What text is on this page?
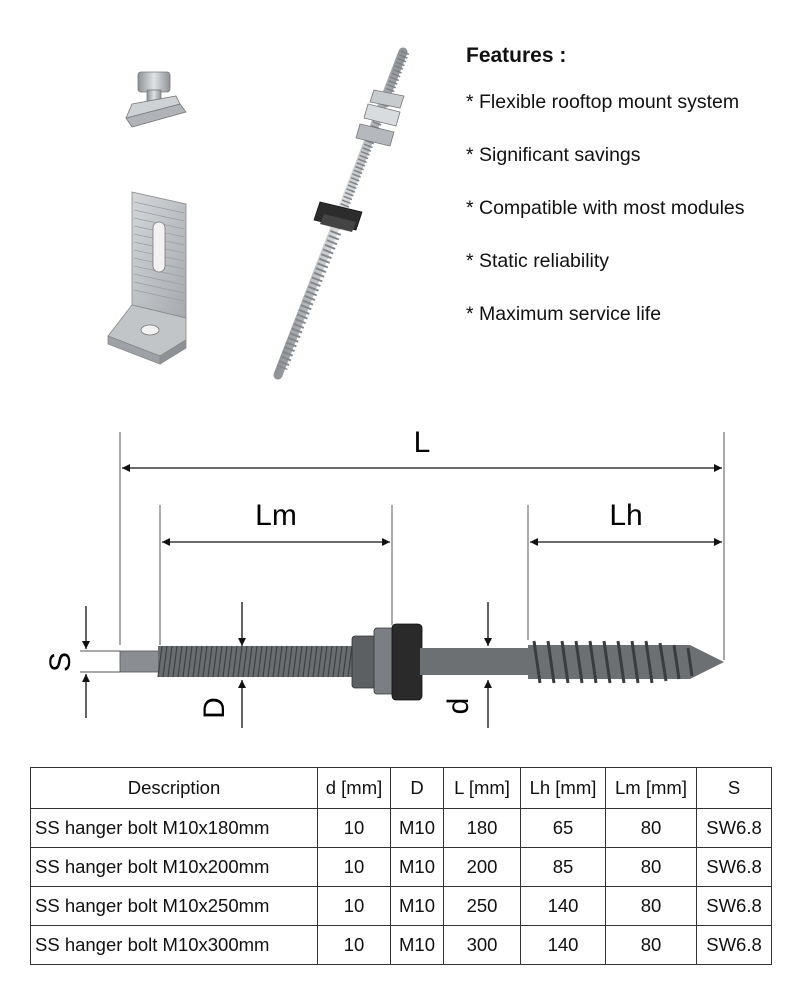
Features :
* Flexible rooftop mount system
* Significant savings
* Compatible with most modules
* Static reliability
* Maximum service life
L
Lm	Lh
S
D	d
Description	d [mm]	D	L [mm]	Lh [mm]	Lm [mm]	S
SS hanger bolt M10x180mm	10	M10	180	65	80	SW6.8
SS hanger bolt M10x200mm	10	M10	200	85	80	SW6.8
SS hanger bolt M10x250mm	10	M10	250	140	80	SW6.8
SS hanger bolt M10x300mm	10	M10	300	140	80	SW6.8
